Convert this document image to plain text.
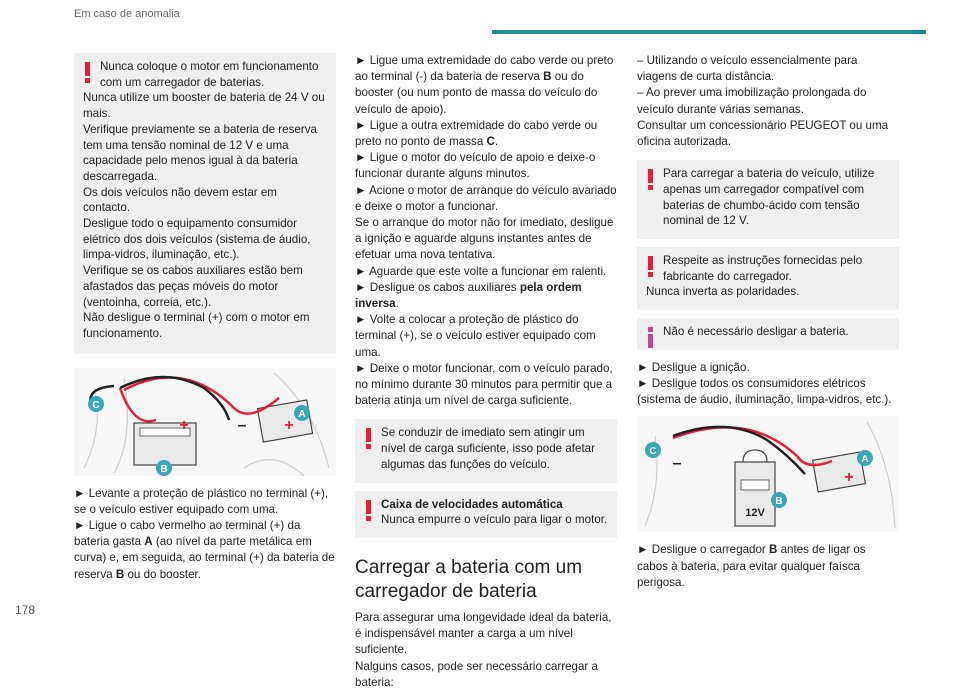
Em caso de anomalia
Nunca coloque o motor em funcionamento com um carregador de baterias.
Nunca utilize um booster de bateria de 24 V ou mais.
Verifique previamente se a bateria de reserva tem uma tensão nominal de 12 V e uma capacidade pelo menos igual à da bateria descarregada.
Os dois veículos não devem estar em contacto.
Desligue todo o equipamento consumidor elétrico dos dois veículos (sistema de áudio, limpa-vidros, iluminação, etc.).
Verifique se os cabos auxiliares estão bem afastados das peças móveis do motor (ventoinha, correia, etc.).
Não desligue o terminal (+) com o motor em funcionamento.
C
A
B
+	+
–

► Levante a proteção de plástico no terminal (+), se o veículo estiver equipado com uma.

► Ligue o cabo vermelho ao terminal (+) da bateria gasta A (ao nível da parte metálica em curva) e, em seguida, ao terminal (+) da bateria de reserva B ou do booster.

► Ligue uma extremidade do cabo verde ou preto ao terminal (-) da bateria de reserva B ou do booster (ou num ponto de massa do veículo do veículo de apoio).

► Ligue a outra extremidade do cabo verde ou preto no ponto de massa C.

► Ligue o motor do veículo de apoio e deixe-o funcionar durante alguns minutos.

► Acione o motor de arranque do veículo avariado e deixe o motor a funcionar.

Se o arranque do motor não for imediato, desligue a ignição e aguarde alguns instantes antes de efetuar uma nova tentativa.

► Aguarde que este volte a funcionar em ralenti.

► Desligue os cabos auxiliares pela ordem inversa.

► Volte a colocar a proteção de plástico do terminal (+), se o veículo estiver equipado com uma.

► Deixe o motor funcionar, com o veículo parado, no mínimo durante 30 minutos para permitir que a bateria atinja um nível de carga suficiente.

Se conduzir de imediato sem atingir um nível de carga suficiente, isso pode afetar algumas das funções do veículo.
Caixa de velocidades automática
Nunca empurre o veículo para ligar o motor.
Carregar a bateria com um carregador de bateria

Para assegurar uma longevidade ideal da bateria, é indispensável manter a carga a um nível suficiente.

Nalguns casos, pode ser necessário carregar a bateria:

– Utilizando o veículo essencialmente para viagens de curta distância.

– Ao prever uma imobilização prolongada do veículo durante várias semanas.

Consultar um concessionário PEUGEOT ou uma oficina autorizada.

Para carregar a bateria do veículo, utilize apenas um carregador compatível com baterias de chumbo-ácido com tensão nominal de 12 V.
Respeite as instruções fornecidas pelo fabricante do carregador.
Nunca inverta as polaridades.
Não é necessário desligar a bateria.

► Desligue a ignição.

► Desligue todos os consumidores elétricos (sistema de áudio, iluminação, limpa-vidros, etc.).

C
A
B
12V
+
–

► Desligue o carregador B antes de ligar os cabos à bateria, para evitar qualquer faísca perigosa.

178
